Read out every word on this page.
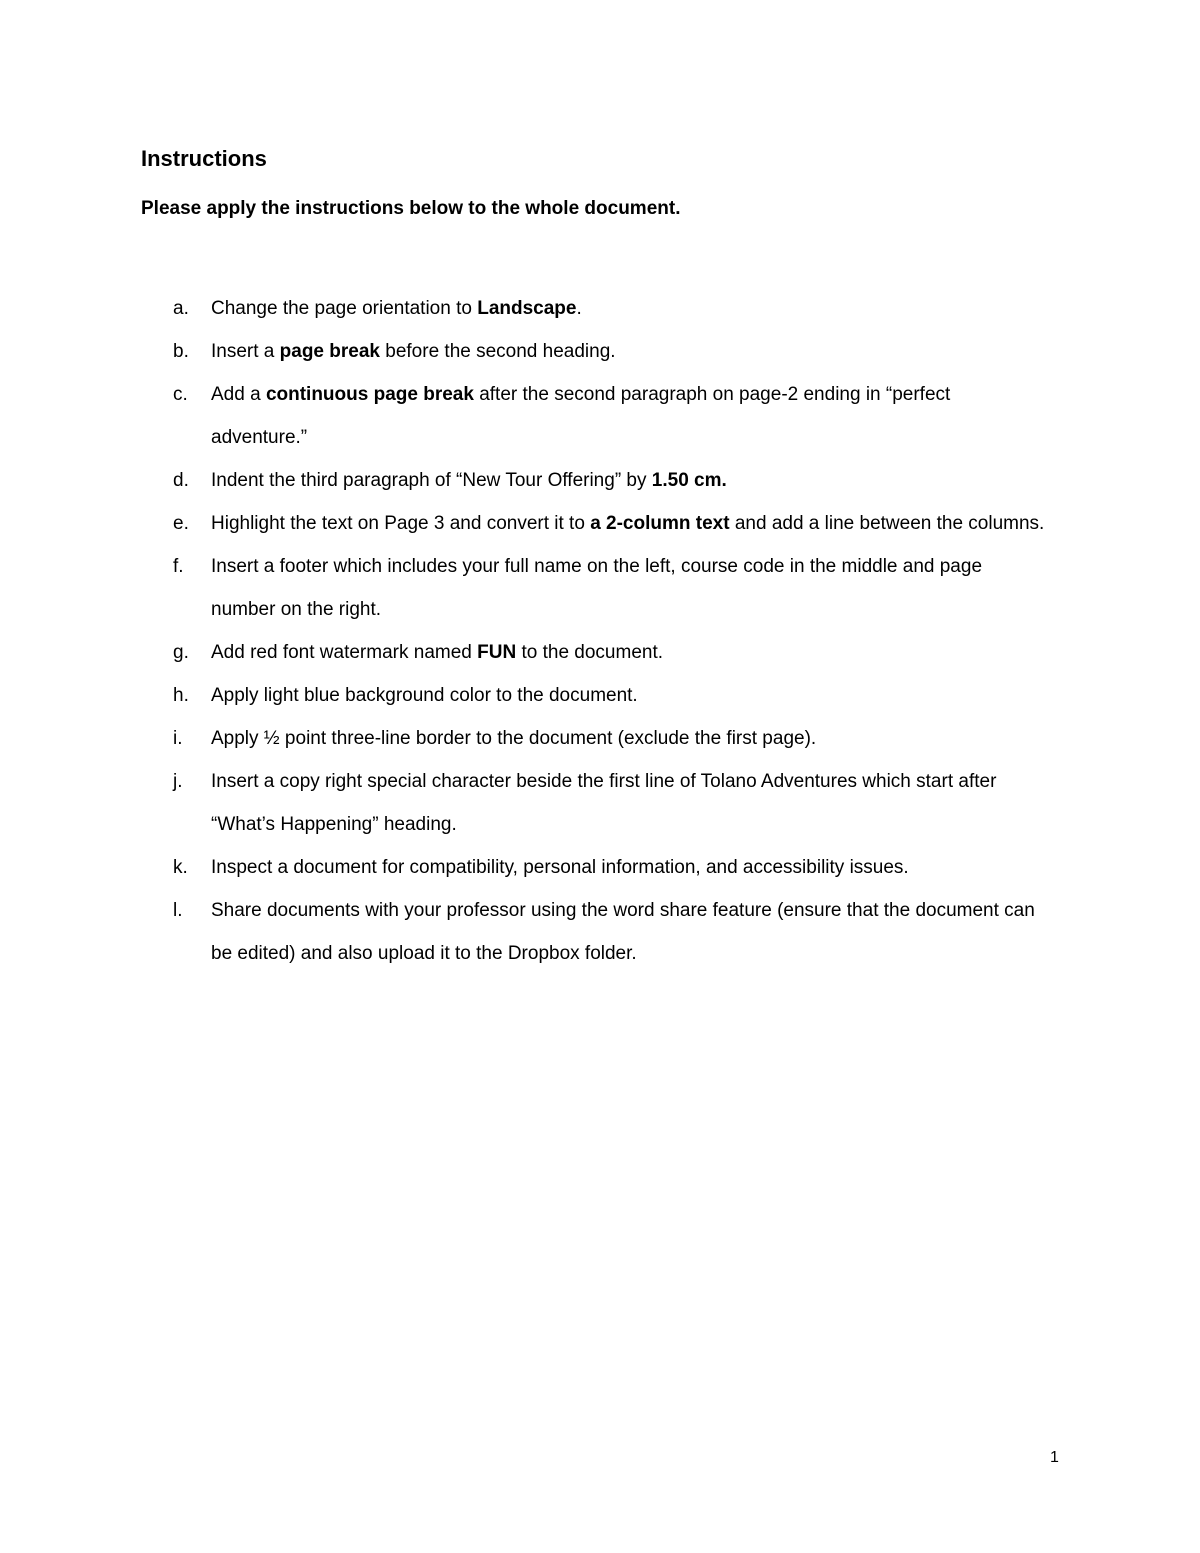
Instructions
Please apply the instructions below to the whole document.
a. Change the page orientation to Landscape.
b. Insert a page break before the second heading.
c. Add a continuous page break after the second paragraph on page-2 ending in “perfect adventure.”
d. Indent the third paragraph of “New Tour Offering” by 1.50 cm.
e. Highlight the text on Page 3 and convert it to a 2-column text and add a line between the columns.
f. Insert a footer which includes your full name on the left, course code in the middle and page number on the right.
g. Add red font watermark named FUN to the document.
h. Apply light blue background color to the document.
i. Apply ½ point three-line border to the document (exclude the first page).
j. Insert a copy right special character beside the first line of Tolano Adventures which start after “What’s Happening” heading.
k. Inspect a document for compatibility, personal information, and accessibility issues.
l. Share documents with your professor using the word share feature (ensure that the document can be edited) and also upload it to the Dropbox folder.
1
